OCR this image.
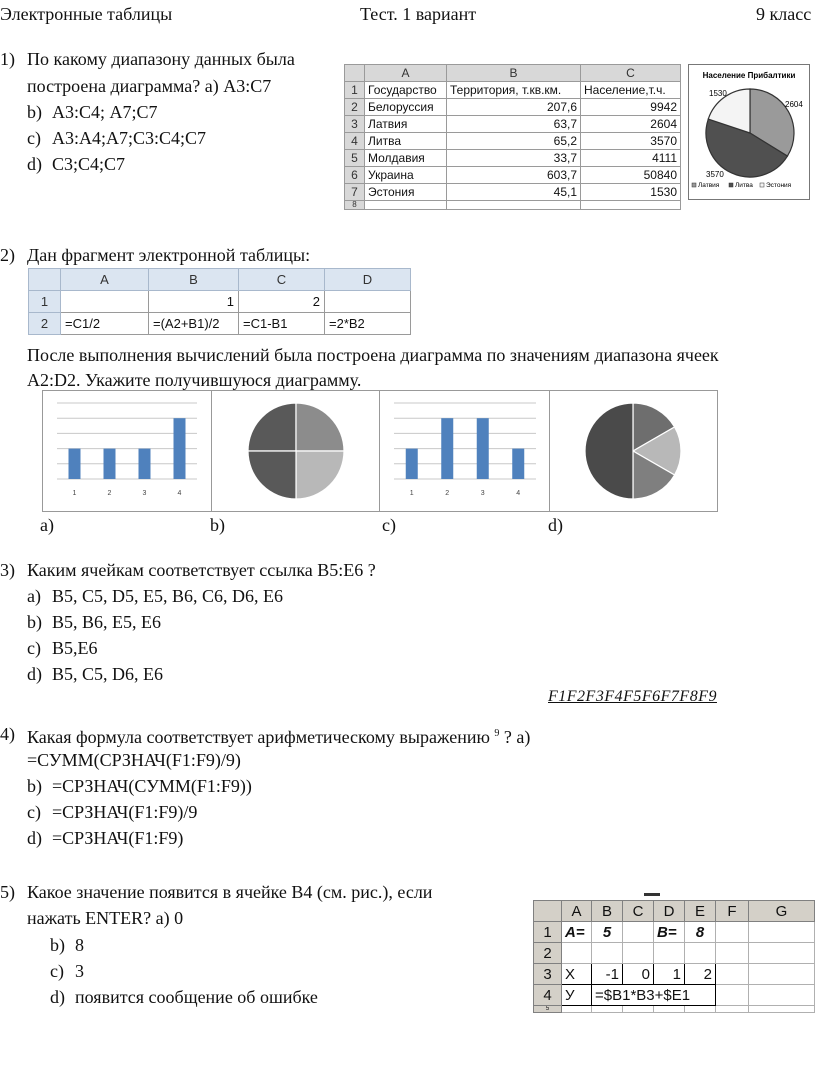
Электронные таблицы	Тест. 1 вариант	9 класс
1) По какому диапазону данных была
построена диаграмма? а) А3:С7
b) А3:С4; А7;С7
c) А3:А4;А7;С3:С4;С7
d) С3;С4;С7
	A	B	C
1	Государство	Территория, т.кв.км.	Население,т.ч.
2	Белоруссия	207,6	9942
3	Латвия	63,7	2604
4	Литва	65,2	3570
5	Молдавия	33,7	4111
6	Украина	603,7	50840
7	Эстония	45,1	1530
8			
Население Прибалтики
1530
2604
3570
Латвия Литва Эстония
2) Дан фрагмент электронной таблицы:
	A	B	C	D
1		1	2	
2	=C1/2	=(A2+B1)/2	=C1-B1	=2*B2
После выполнения вычислений была построена диаграмма по значениям диапазона ячеек
А2:D2. Укажите получившуюся диаграмму.
1	2	3	4	1	2	3	4
a)	b)	c)	d)
3) Каким ячейкам соответствует ссылка В5:Е6 ?
a) В5, С5, D5, Е5, В6, С6, D6, Е6
b) В5, В6, Е5, Е6
c) В5,Е6
d) В5, С5, D6, Е6
F1F2F3F4F5F6F7F8F9
4) Какая формула соответствует арифметическому выражению $^9$ ? а)
=СУММ(СРЗНАЧ(F1:F9)/9)
b) =СРЗНАЧ(СУММ(F1:F9))
c) =СРЗНАЧ(F1:F9)/9
d) =СРЗНАЧ(F1:F9)
5) Какое значение появится в ячейке В4 (см. рис.), если
нажать ENTER? а) 0
b) 8
c) 3
d) появится сообщение об ошибке
	A	B	C	D	E	F	G
1	A=	5		B=	8		
2							
3	X	-1	0	1	2		
4	У	=$B1*B3+$E1					
5							
